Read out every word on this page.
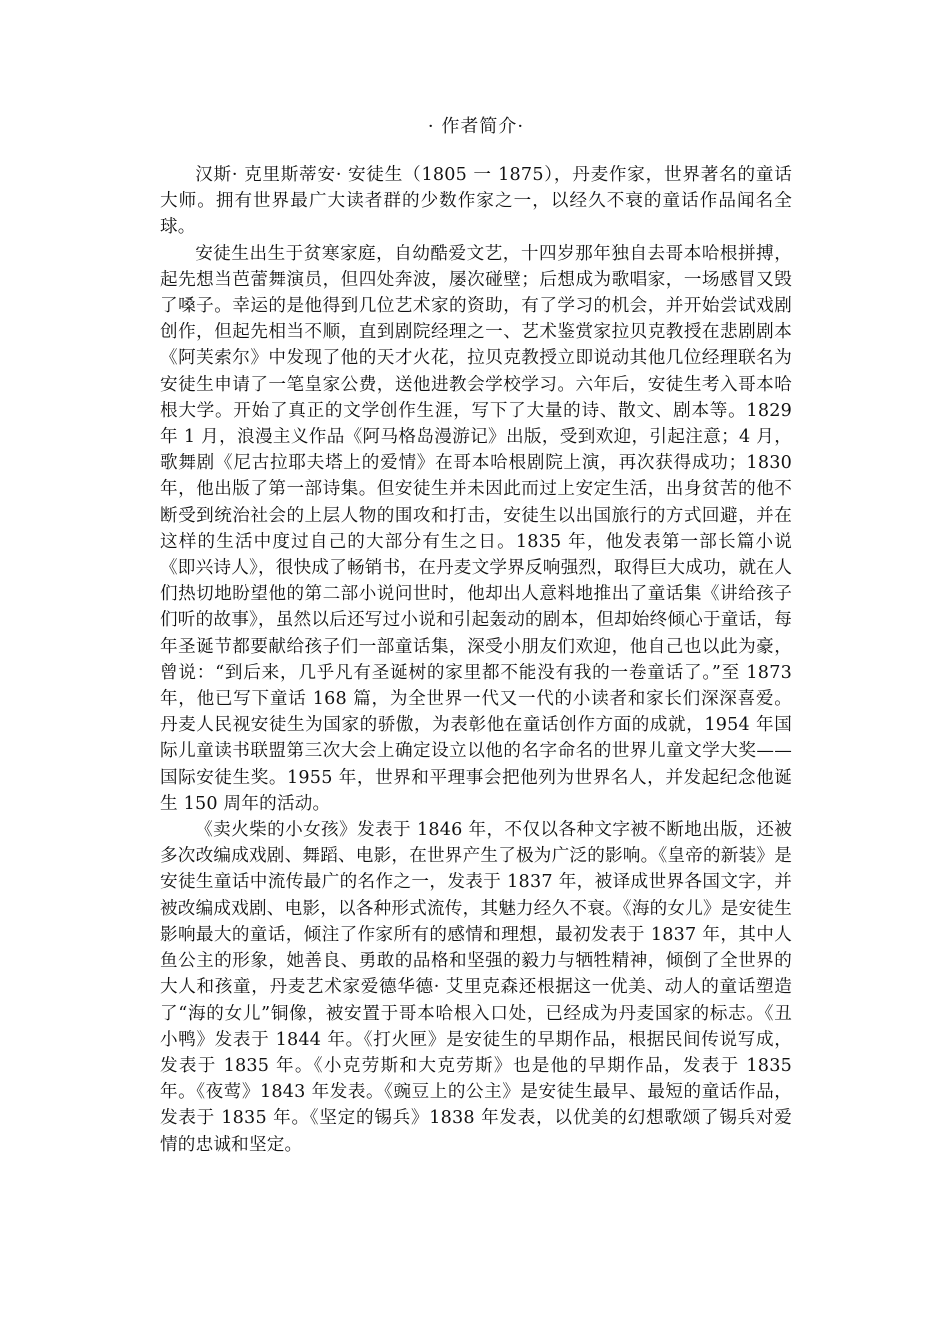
· 作者简介·

汉斯· 克里斯蒂安· 安徒生（1805 一 1875），丹麦作家，世界著名的童话大师。拥有世界最广大读者群的少数作家之一，以经久不衰的童话作品闻名全球。

安徒生出生于贫寒家庭，自幼酷爱文艺，十四岁那年独自去哥本哈根拼搏，起先想当芭蕾舞演员，但四处奔波，屡次碰壁；后想成为歌唱家，一场感冒又毁了嗓子。幸运的是他得到几位艺术家的资助，有了学习的机会，并开始尝试戏剧创作，但起先相当不顺，直到剧院经理之一、艺术鉴赏家拉贝克教授在悲剧剧本《阿芙索尔》中发现了他的天才火花，拉贝克教授立即说动其他几位经理联名为安徒生申请了一笔皇家公费，送他进教会学校学习。六年后，安徒生考入哥本哈根大学。开始了真正的文学创作生涯，写下了大量的诗、散文、剧本等。1829 年 1 月，浪漫主义作品《阿马格岛漫游记》出版，受到欢迎，引起注意；4 月，歌舞剧《尼古拉耶夫塔上的爱情》在哥本哈根剧院上演，再次获得成功；1830 年，他出版了第一部诗集。但安徒生并未因此而过上安定生活，出身贫苦的他不断受到统治社会的上层人物的围攻和打击，安徒生以出国旅行的方式回避，并在这样的生活中度过自己的大部分有生之日。1835 年，他发表第一部长篇小说《即兴诗人》，很快成了畅销书，在丹麦文学界反响强烈，取得巨大成功，就在人们热切地盼望他的第二部小说问世时，他却出人意料地推出了童话集《讲给孩子们听的故事》，虽然以后还写过小说和引起轰动的剧本，但却始终倾心于童话，每年圣诞节都要献给孩子们一部童话集，深受小朋友们欢迎，他自己也以此为豪，曾说：“到后来，几乎凡有圣诞树的家里都不能没有我的一卷童话了。”至 1873 年，他已写下童话 168 篇，为全世界一代又一代的小读者和家长们深深喜爱。丹麦人民视安徒生为国家的骄傲，为表彰他在童话创作方面的成就，1954 年国际儿童读书联盟第三次大会上确定设立以他的名字命名的世界儿童文学大奖——国际安徒生奖。1955 年，世界和平理事会把他列为世界名人，并发起纪念他诞生 150 周年的活动。

《卖火柴的小女孩》发表于 1846 年，不仅以各种文字被不断地出版，还被多次改编成戏剧、舞蹈、电影，在世界产生了极为广泛的影响。《皇帝的新装》是安徒生童话中流传最广的名作之一，发表于 1837 年，被译成世界各国文字，并被改编成戏剧、电影，以各种形式流传，其魅力经久不衰。《海的女儿》是安徒生影响最大的童话，倾注了作家所有的感情和理想，最初发表于 1837 年，其中人鱼公主的形象，她善良、勇敢的品格和坚强的毅力与牺牲精神，倾倒了全世界的大人和孩童，丹麦艺术家爱德华德· 艾里克森还根据这一优美、动人的童话塑造了“海的女儿”铜像，被安置于哥本哈根入口处，已经成为丹麦国家的标志。《丑小鸭》发表于 1844 年。《打火匣》是安徒生的早期作品，根据民间传说写成，发表于 1835 年。《小克劳斯和大克劳斯》也是他的早期作品，发表于 1835 年。《夜莺》1843 年发表。《豌豆上的公主》是安徒生最早、最短的童话作品，发表于 1835 年。《坚定的锡兵》1838 年发表，以优美的幻想歌颂了锡兵对爱情的忠诚和坚定。
